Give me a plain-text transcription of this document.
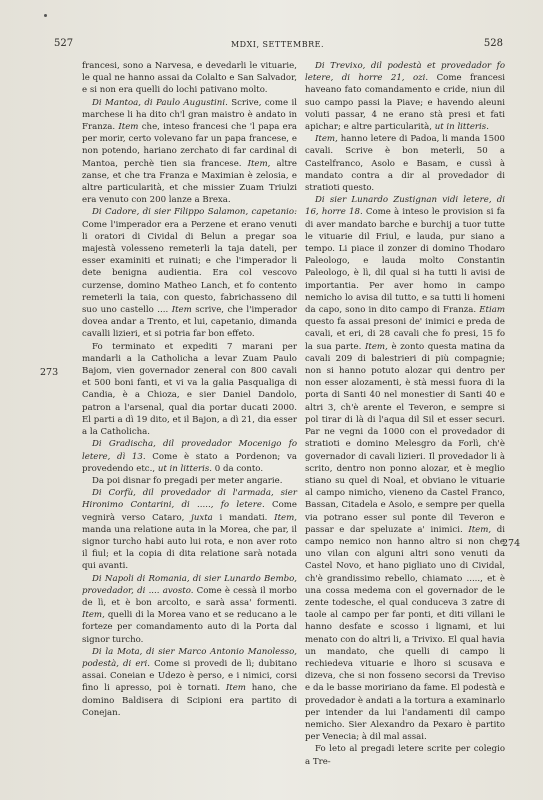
527	MDXI, SETTEMBRE.	528
273
274

francesi, sono a Narvesa, e devedarli le vituarie, le qual ne hanno assai da Colalto e San Salvador, e si non era quelli do lochi pativano molto.

Di Mantoa, di Paulo Augustini. Scrive, come il marchese li ha dito ch'l gran maistro è andato in Franza. Item che, inteso francesi che 'l papa era per morir, certo volevano far un papa francese, e non potendo, hariano zerchato di far cardinal di Mantoa, perchè tien sia francese. Item, altre zanse, et che tra Franza e Maximian è zelosia, e altre particularità, et che missier Zuam Triulzi era venuto con 200 lanze a Brexa.

Di Cadore, di sier Filippo Salamon, capetanio: Come l'imperador era a Perzene et erano venuti li oratori di Cividal di Belun a pregar soa majestà volesseno remeterli la taja dateli, per esser examiniti et ruinati; e che l'imperador li dete benigna audientia. Era col vescovo curzense, domino Matheo Lanch, et fo contento remeterli la taia, con questo, fabrichasseno dil suo uno castello .... Item scrive, che l'imperador dovea andar a Trento, et lui, capetanio, dimanda cavalli lizieri, et si potria far bon effeto.

Fo terminato et expediti 7 marani per mandarli a la Catholicha a levar Zuam Paulo Bajom, vien governador zeneral con 800 cavali et 500 boni fanti, et vi va la galia Pasqualiga di Candia, è a Chioza, e sier Daniel Dandolo, patron a l'arsenal, qual dia portar ducati 2000. El parti a dì 19 dito, et il Bajon, a dì 21, dia esser a la Catholicha.

Di Gradischa, dil provedador Mocenigo fo letere, dì 13. Come è stato a Pordenon; va provedendo etc., ut in litteris. 0 da conto.

Da poi disnar fo pregadi per meter angarie.

Di Corfù, dil provedador di l'armada, sier Hironimo Contarini, di ....., fo letere. Come vegnirà verso Cataro, juxta i mandati. Item, manda una relatione auta in la Morea, che par, il signor turcho habi auto lui rota, e non aver roto il fiul; et la copia di dita relatione sarà notada qui avanti.

Di Napoli di Romania, di sier Lunardo Bembo, provedador, di .... avosto. Come è cessà il morbo de lì, et è bon arcolto, e sarà assa' formenti. Item, quelli di la Morea vano et se reducano a le forteze per comandamento auto di la Porta dal signor turcho.

Di la Mota, di sier Marco Antonio Manolesso, podestà, di eri. Come si provedi de lì; dubitano assai. Coneian e Udezo è perso, e i nimici, corsi fino li apresso, poi è tornati. Item hano, che domino Baldisera di Scipioni era partito di Conejan.

Di Trevixo, dil podestà et provedador fo letere, di horre 21, ozi. Come francesi haveano fato comandamento e cride, niun dil suo campo passi la Piave; e havendo aleuni voluti passar, 4 ne erano stà presi et fati apichar; e altre particularità, ut in litteris.

Item, hanno letere di Padoa, li manda 1500 cavali. Scrive è bon meterli, 50 a Castelfranco, Asolo e Basam, e cussì à mandato contra a dir al provedador di stratioti questo.

Di sier Lunardo Zustignan vidi letere, di 16, horre 18. Come à inteso le provision si fa di aver mandato barche e burchij a tuor tutte le vituarie dil Friul, e lauda, pur siano a tempo. Li piace il zonzer di domino Thodaro Paleologo, e lauda molto Constantin Paleologo, è lì, dil qual si ha tutti li avisi de importantia. Per aver homo in campo nemicho lo avisa dil tutto, e sa tutti li homeni da capo, sono in dito campo di Franza. Etiam questo fa assai presoni de' inimici e preda de cavali, et eri, di 28 cavali che fo presi, 15 fo la sua parte. Item, è zonto questa matina da cavali 209 di balestrieri di più compagnie; non si hanno potuto alozar qui dentro per non esser alozamenti, è stà messi fuora di la porta di Santi 40 nel monestier di Santi 40 e altri 3, ch'è arente el Teveron, e sempre si pol tirar di là di l'aqua dil Sil et esser securi. Par ne vegni da 1000 con el provedador di stratioti e domino Melesgro da Forlì, ch'è governador di cavali lizieri. Il provedador li à scrito, dentro non ponno alozar, et è meglio stiano su quel di Noal, et obviano le vituarie al campo nimicho, vieneno da Castel Franco, Bassan, Citadela e Asolo, e sempre per quella via potrano esser sul ponte dil Teveron e passar e dar speluzate a' inimici. Item, di campo nemico non hanno altro si non che uno vilan con alguni altri sono venuti da Castel Novo, et hano pigliato uno di Cividal, ch'è grandissimo rebello, chiamato ....., et è una cossa medema con el governador de le zente todesche, el qual conduceva 3 zatre di taole al campo per far ponti, et diti villani le hanno desfate e scosso i lignami, et lui menato con do altri li, a Trivixo. El qual havia un mandato, che quelli di campo li rechiedeva vituarie e lhoro si scusava e dizeva, che si non fosseno secorsi da Treviso e da le basse moririano da fame. El podestà e provedador è andati a la tortura a examinarlo per intender da lui l'andamenti dil campo nemicho. Sier Alexandro da Pexaro è partito per Venecia; à dil mal assai.

Fo leto al pregadi letere scrite per colegio a Tre-
